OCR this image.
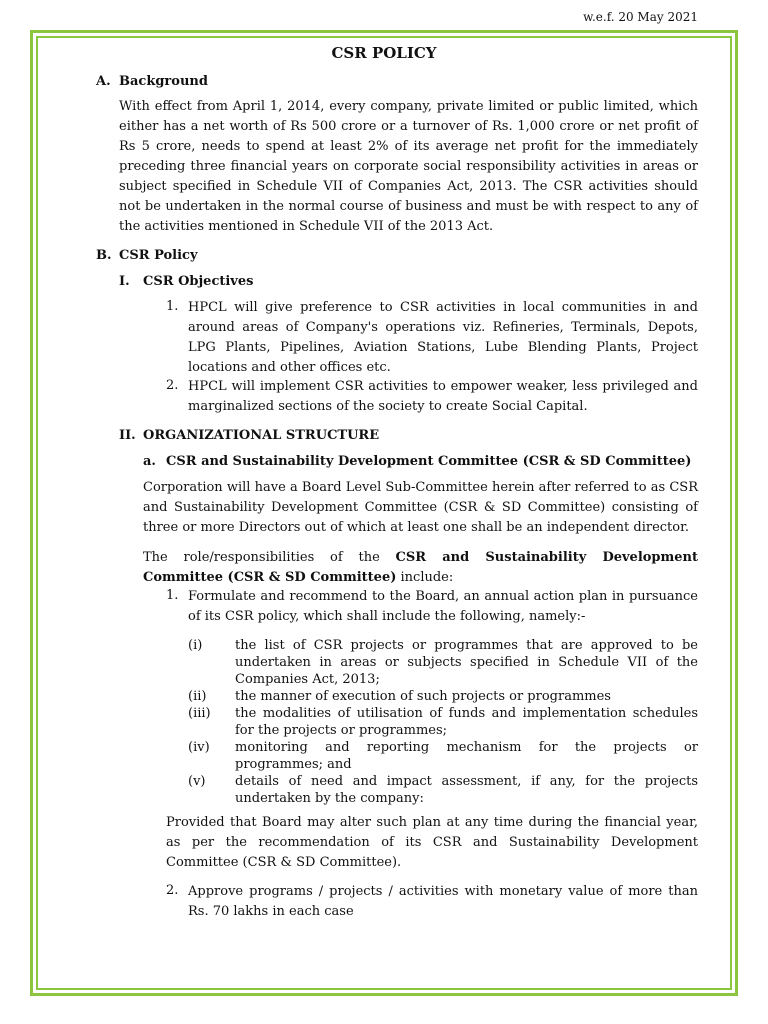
w.e.f. 20 May 2021
CSR POLICY
A. Background
With effect from April 1, 2014, every company, private limited or public limited, which either has a net worth of Rs 500 crore or a turnover of Rs. 1,000 crore or net profit of Rs 5 crore, needs to spend at least 2% of its average net profit for the immediately preceding three financial years on corporate social responsibility activities in areas or subject specified in Schedule VII of Companies Act, 2013. The CSR activities should not be undertaken in the normal course of business and must be with respect to any of the activities mentioned in Schedule VII of the 2013 Act.
B. CSR Policy
I. CSR Objectives
1. HPCL will give preference to CSR activities in local communities in and around areas of Company's operations viz. Refineries, Terminals, Depots, LPG Plants, Pipelines, Aviation Stations, Lube Blending Plants, Project locations and other offices etc.
2. HPCL will implement CSR activities to empower weaker, less privileged and marginalized sections of the society to create Social Capital.
II. ORGANIZATIONAL STRUCTURE
a. CSR and Sustainability Development Committee (CSR & SD Committee)
Corporation will have a Board Level Sub-Committee herein after referred to as CSR and Sustainability Development Committee (CSR & SD Committee) consisting of three or more Directors out of which at least one shall be an independent director.
The role/responsibilities of the CSR and Sustainability Development Committee (CSR & SD Committee) include:
1. Formulate and recommend to the Board, an annual action plan in pursuance of its CSR policy, which shall include the following, namely:-
(i)	the list of CSR projects or programmes that are approved to be undertaken in areas or subjects specified in Schedule VII of the Companies Act, 2013;
(ii) the manner of execution of such projects or programmes
(iii) the modalities of utilisation of funds and implementation schedules for the projects or programmes;
(iv) monitoring and reporting mechanism for the projects or programmes; and
(v) details of need and impact assessment, if any, for the projects undertaken by the company:
Provided that Board may alter such plan at any time during the financial year, as per the recommendation of its CSR and Sustainability Development Committee (CSR & SD Committee).
2. Approve programs / projects / activities with monetary value of more than Rs. 70 lakhs in each case
